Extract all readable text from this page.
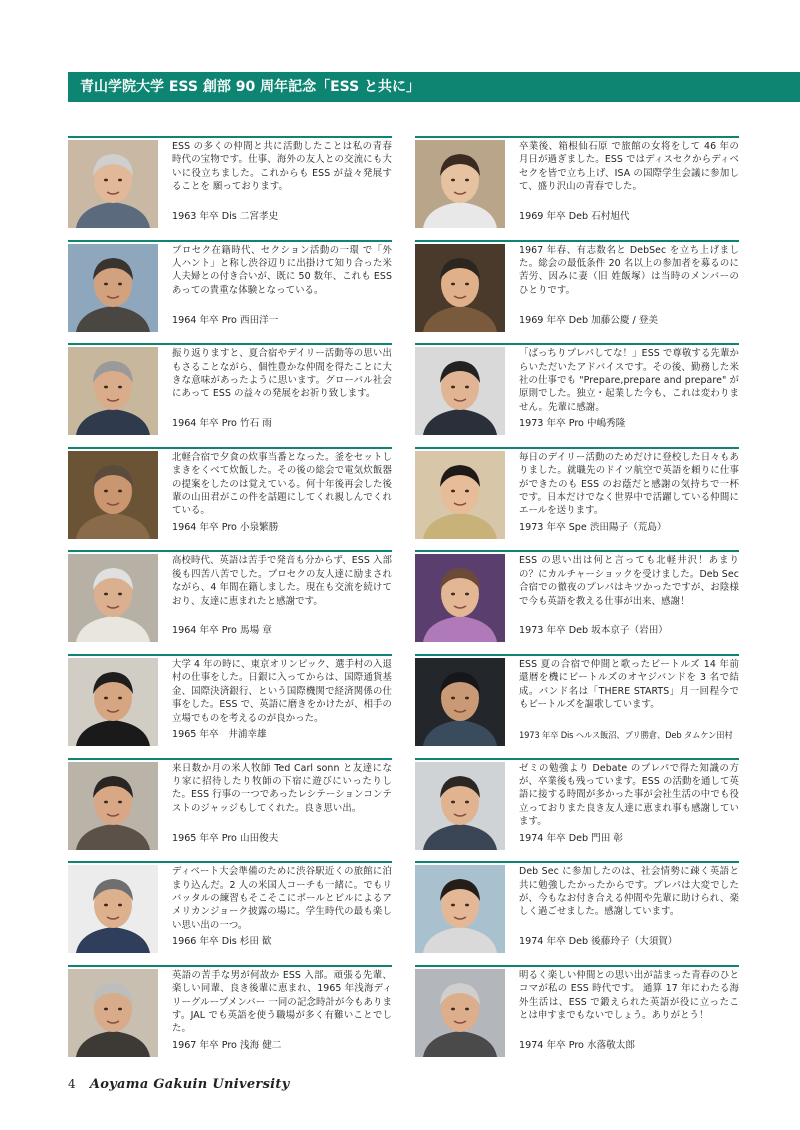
青山学院大学 ESS 創部 90 周年記念「ESS と共に」
ESS の多くの仲間と共に活動したことは私の青春時代の宝物です。仕事、海外の友人との交流にも大いに役立ちました。これからも ESS が益々発展することを 願っております。
1963 年卒 Dis 二宮孝史
卒業後、箱根仙石原 で旅館の女将をして 46 年の月日が過ぎました。ESS ではディスセクからディベセクを皆で立ち上げ、ISA の国際学生会議に参加して、盛り沢山の青春でした。
1969 年卒 Deb 石村旭代
プロセク在籍時代、セクション活動の一環 で「外人ハント」と称し渋谷辺りに出掛けて知り合った米人夫婦との付き合いが、既に 50 数年、これも ESS あっての貴重な体験となっている。
1964 年卒 Pro 西田洋一
1967 年春、有志数名と DebSec を立ち上げました。総会の最低条件 20 名以上の参加者を募るのに苦労、因みに妻（旧 姓飯塚）は当時のメンバーのひとりです。
1969 年卒 Deb 加藤公慶 / 登美
振り返りますと、夏合宿やデイリー活動等の思い出もさることながら、個性豊かな仲間を得たことに大きな意味があったように思います。グローバル社会にあって ESS の益々の発展をお祈り致します。
1964 年卒 Pro 竹石 雨
「ばっちりプレパしてな！」ESS で尊敬する先輩からいただいたアドバイスです。その後、勤務した米社の仕事でも "Prepare,prepare and prepare" が原則でした。独立・起業した今も、これは変わりません。先輩に感謝。
1973 年卒 Pro 中嶋秀隆
北軽合宿で夕食の炊事当番となった。釜をセットしまきをくべて炊飯した。その後の総会で電気炊飯器の提案をしたのは覚えている。何十年後再会した後輩の山田君がこの件を話題にしてくれ親しんでくれている。
1964 年卒 Pro 小泉繁勝
毎日のデイリー活動のためだけに登校した日々もありました。就職先のドイツ航空で英語を頼りに仕事ができたのも ESS のお蔭だと感謝の気持ちで一杯です。日本だけでなく世界中で活躍している仲間にエールを送ります。
1973 年卒 Spe 渋田陽子（荒島）
高校時代、英語は苦手で発音も分からず、ESS 入部後も四苦八苦でした。プロセクの友人達に励まされ ながら、4 年間在籍しました。現在も交流を続けており、友達に恵まれたと感謝です。
1964 年卒 Pro 馬場 章
ESS の思い出は何と言っても北軽井沢！あまりの？にカルチャーショックを受けました。Deb Sec 合宿での徹夜のプレパはキツかったですが、お陰様で今も英語を教える仕事が出来、感謝！
1973 年卒 Deb 坂本京子（岩田）
大学 4 年の時に、東京オリンピック、選手村の入退村の仕事をした。日銀に入ってからは、国際通貨基金、国際決済銀行、という国際機関で経済関係の仕事をした。ESS で、英語に磨きをかけたが、相手の立場でものを考えるのが良かった。
1965 年卒　井浦幸雄
ESS 夏の合宿で仲間と歌ったビートルズ 14 年前 還暦を機にビートルズのオヤジバンドを 3 名で結成。バンド名は「THERE STARTS」月一回程今でもビートルズを謳歌しています。
1973 年卒 Dis ヘルス飯沼、ブリ勝倉、Deb タムケン田村
来日数か月の米人牧師 Ted Carl sonn と友達になり家に招待したり牧師の下宿に遊びにいったりした。ESS 行事の一つであったレシテーションコンテストのジャッジもしてくれた。良き思い出。
1965 年卒 Pro 山田俊夫
ゼミの勉強より Debate のプレパで得た知識の方が、卒業後も残っています。ESS の活動を通して英語に接する時間が多かった事が会社生活の中でも役立っておりまた良き友人達に恵まれ事も感謝しています。
1974 年卒 Deb 門田 彰
ディベート大会準備のために渋谷駅近くの旅館に泊まり込んだ。2 人の米国人コーチも一緒に。でもリバッタルの練習もそこそこにボールとビルによるアメリカンジョーク披露の場に。学生時代の最も楽しい思い出の一つ。
1966 年卒 Dis 杉田 歓
Deb Sec に参加したのは、社会情勢に疎く英語と共に勉強したかったからです。プレパは大変でしたが、今もなお付き合える仲間や先輩に助けられ、楽しく過ごせました。感謝しています。
1974 年卒 Deb 後藤玲子（大須賀）
英語の苦手な男が何故か ESS 入部。頑張る先輩、楽しい同輩、良き後輩に恵まれ、1965 年浅海ディリーグループメンバー 一同の記念時計が今もあります。JAL でも英語を使う職場が多く有難いことでした。
1967 年卒 Pro 浅海 健二
明るく楽しい仲間との思い出が詰まった青春のひとコマが私の ESS 時代です。 通算 17 年にわたる海外生活は、ESS で鍛えられた英語が役に立ったことは申すまでもないでしょう。ありがとう！
1974 年卒 Pro 水落敬太郎
4 Aoyama Gakuin University
